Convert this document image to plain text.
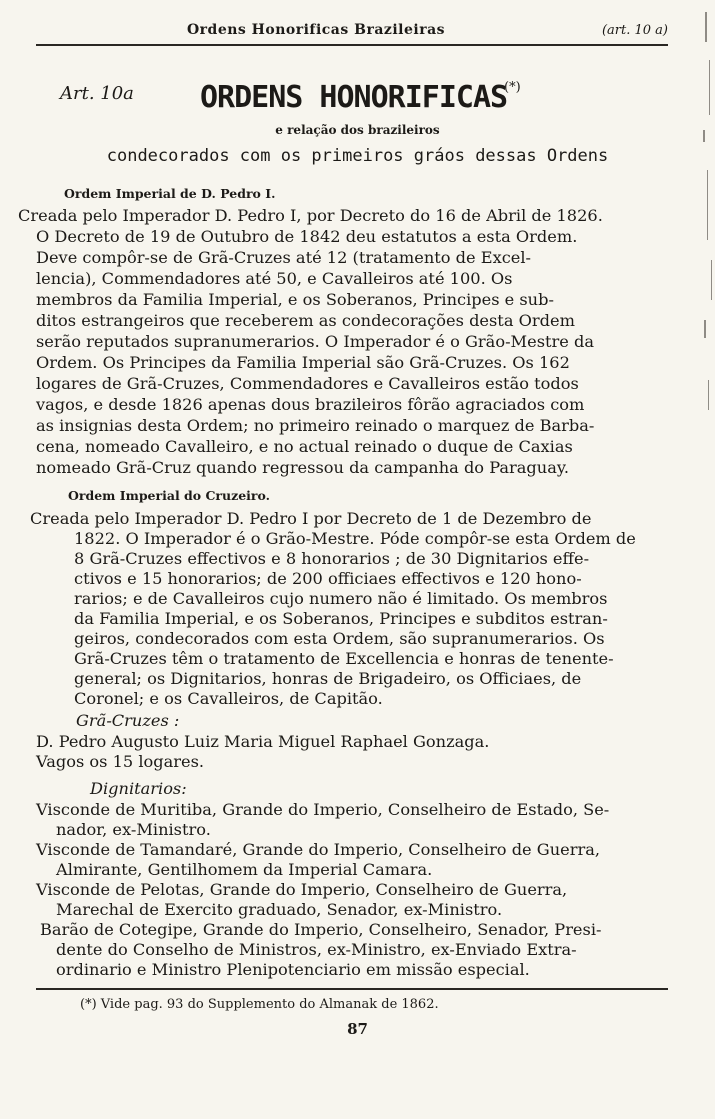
Ordens Honorificas Brazileiras	(art. 10 a)
Art. 10a ORDENS HONORIFICAS
(*)
e relação dos brazileiros
condecorados com os primeiros gráos dessas Ordens
Ordem Imperial de D. Pedro I.
Creada pelo Imperador D. Pedro I, por Decreto do 16 de Abril de 1826.
O Decreto de 19 de Outubro de 1842 deu estatutos a esta Ordem.
Deve compôr-se de Grã-Cruzes até 12 (tratamento de Excel-
lencia), Commendadores até 50, e Cavalleiros até 100. Os
membros da Familia Imperial, e os Soberanos, Principes e sub-
ditos estrangeiros que receberem as condecorações desta Ordem
serão reputados supranumerarios. O Imperador é o Grão-Mestre da
Ordem. Os Principes da Familia Imperial são Grã-Cruzes. Os 162
logares de Grã-Cruzes, Commendadores e Cavalleiros estão todos
vagos, e desde 1826 apenas dous brazileiros fôrão agraciados com
as insignias desta Ordem; no primeiro reinado o marquez de Barba-
cena, nomeado Cavalleiro, e no actual reinado o duque de Caxias
nomeado Grã-Cruz quando regressou da campanha do Paraguay.
Ordem Imperial do Cruzeiro.
Creada pelo Imperador D. Pedro I por Decreto de 1 de Dezembro de
1822. O Imperador é o Grão-Mestre. Póde compôr-se esta Ordem de
8 Grã-Cruzes effectivos e 8 honorarios ; de 30 Dignitarios effe-
ctivos e 15 honorarios; de 200 officiaes effectivos e 120 hono-
rarios; e de Cavalleiros cujo numero não é limitado. Os membros
da Familia Imperial, e os Soberanos, Principes e subditos estran-
geiros, condecorados com esta Ordem, são supranumerarios. Os
Grã-Cruzes têm o tratamento de Excellencia e honras de tenente-
general; os Dignitarios, honras de Brigadeiro, os Officiaes, de
Coronel; e os Cavalleiros, de Capitão.
Grã-Cruzes :
D. Pedro Augusto Luiz Maria Miguel Raphael Gonzaga.
Vagos os 15 logares.
Dignitarios:
Visconde de Muritiba, Grande do Imperio, Conselheiro de Estado, Se-
nador, ex-Ministro.
Visconde de Tamandaré, Grande do Imperio, Conselheiro de Guerra,
Almirante, Gentilhomem da Imperial Camara.
Visconde de Pelotas, Grande do Imperio, Conselheiro de Guerra,
Marechal de Exercito graduado, Senador, ex-Ministro.
Barão de Cotegipe, Grande do Imperio, Conselheiro, Senador, Presi-
dente do Conselho de Ministros, ex-Ministro, ex-Enviado Extra-
ordinario e Ministro Plenipotenciario em missão especial.
(*) Vide pag. 93 do Supplemento do Almanak de 1862.
87
